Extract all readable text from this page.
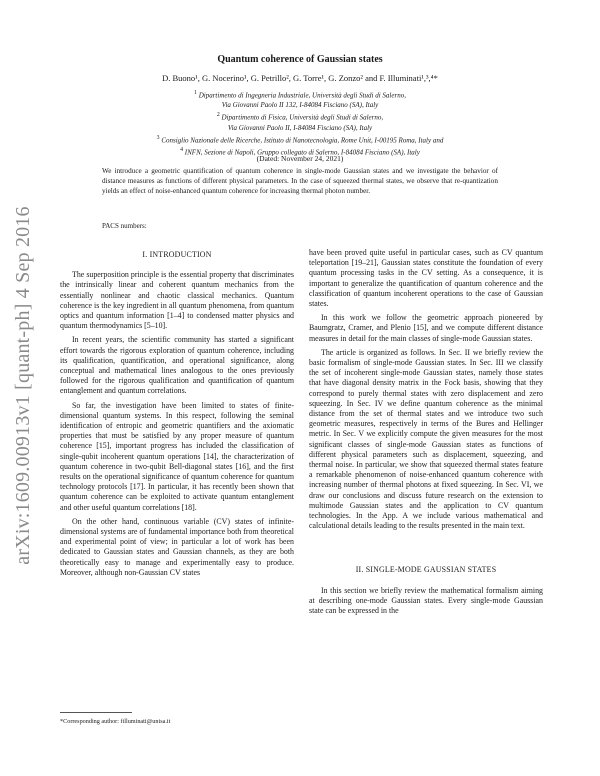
arXiv:1609.00913v1 [quant-ph] 4 Sep 2016
Quantum coherence of Gaussian states
D. Buono¹, G. Nocerino¹, G. Petrillo², G. Torre¹, G. Zonzo² and F. Illuminati¹,³,⁴*
$^1$ Dipartimento di Ingegneria Industriale, Università degli Studi di Salerno,
Via Giovanni Paolo II 132, I-84084 Fisciano (SA), Italy
$^2$ Dipartimento di Fisica, Università degli Studi di Salerno,
Via Giovanni Paolo II, I-84084 Fisciano (SA), Italy
$^3$ Consiglio Nazionale delle Ricerche, Istituto di Nanotecnologia, Rome Unit, I-00195 Roma, Italy and
$^4$ INFN, Sezione di Napoli, Gruppo collegato di Salerno, I-84084 Fisciano (SA), Italy
(Dated: November 24, 2021)
We introduce a geometric quantification of quantum coherence in single-mode Gaussian states and we investigate the behavior of distance measures as functions of different physical parameters. In the case of squeezed thermal states, we observe that re-quantization yields an effect of noise-enhanced quantum coherence for increasing thermal photon number.
PACS numbers:
I. INTRODUCTION

The superposition principle is the essential property that discriminates the intrinsically linear and coherent quantum mechanics from the essentially nonlinear and chaotic classical mechanics. Quantum coherence is the key ingredient in all quantum phenomena, from quantum optics and quantum information [1–4] to condensed matter physics and quantum thermodynamics [5–10].

In recent years, the scientific community has started a significant effort towards the rigorous exploration of quantum coherence, including its qualification, quantification, and operational significance, along conceptual and mathematical lines analogous to the ones previously followed for the rigorous qualification and quantification of quantum entanglement and quantum correlations.

So far, the investigation have been limited to states of finite-dimensional quantum systems. In this respect, following the seminal identification of entropic and geometric quantifiers and the axiomatic properties that must be satisfied by any proper measure of quantum coherence [15], important progress has included the classification of single-qubit incoherent quantum operations [14], the characterization of quantum coherence in two-qubit Bell-diagonal states [16], and the first results on the operational significance of quantum coherence for quantum technology protocols [17]. In particular, it has recently been shown that quantum coherence can be exploited to activate quantum entanglement and other useful quantum correlations [18].

On the other hand, continuous variable (CV) states of infinite-dimensional systems are of fundamental importance both from theoretical and experimental point of view; in particular a lot of work has been dedicated to Gaussian states and Gaussian channels, as they are both theoretically easy to manage and experimentally easy to produce. Moreover, although non-Gaussian CV states

have been proved quite useful in particular cases, such as CV quantum teleportation [19–21], Gaussian states constitute the foundation of every quantum processing tasks in the CV setting. As a consequence, it is important to generalize the quantification of quantum coherence and the classification of quantum incoherent operations to the case of Gaussian states.

In this work we follow the geometric approach pioneered by Baumgratz, Cramer, and Plenio [15], and we compute different distance measures in detail for the main classes of single-mode Gaussian states.

The article is organized as follows. In Sec. II we briefly review the basic formalism of single-mode Gaussian states. In Sec. III we classify the set of incoherent single-mode Gaussian states, namely those states that have diagonal density matrix in the Fock basis, showing that they correspond to purely thermal states with zero displacement and zero squeezing. In Sec. IV we define quantum coherence as the minimal distance from the set of thermal states and we introduce two such geometric measures, respectively in terms of the Bures and Hellinger metric. In Sec. V we explicitly compute the given measures for the most significant classes of single-mode Gaussian states as functions of different physical parameters such as displacement, squeezing, and thermal noise. In particular, we show that squeezed thermal states feature a remarkable phenomenon of noise-enhanced quantum coherence with increasing number of thermal photons at fixed squeezing. In Sec. VI, we draw our conclusions and discuss future research on the extension to multimode Gaussian states and the application to CV quantum technologies. In the App. A we include various mathematical and calculational details leading to the results presented in the main text.

II. SINGLE-MODE GAUSSIAN STATES

In this section we briefly review the mathematical formalism aiming at describing one-mode Gaussian states. Every single-mode Gaussian state can be expressed in the

*Corresponding author: filluminati@unisa.it
